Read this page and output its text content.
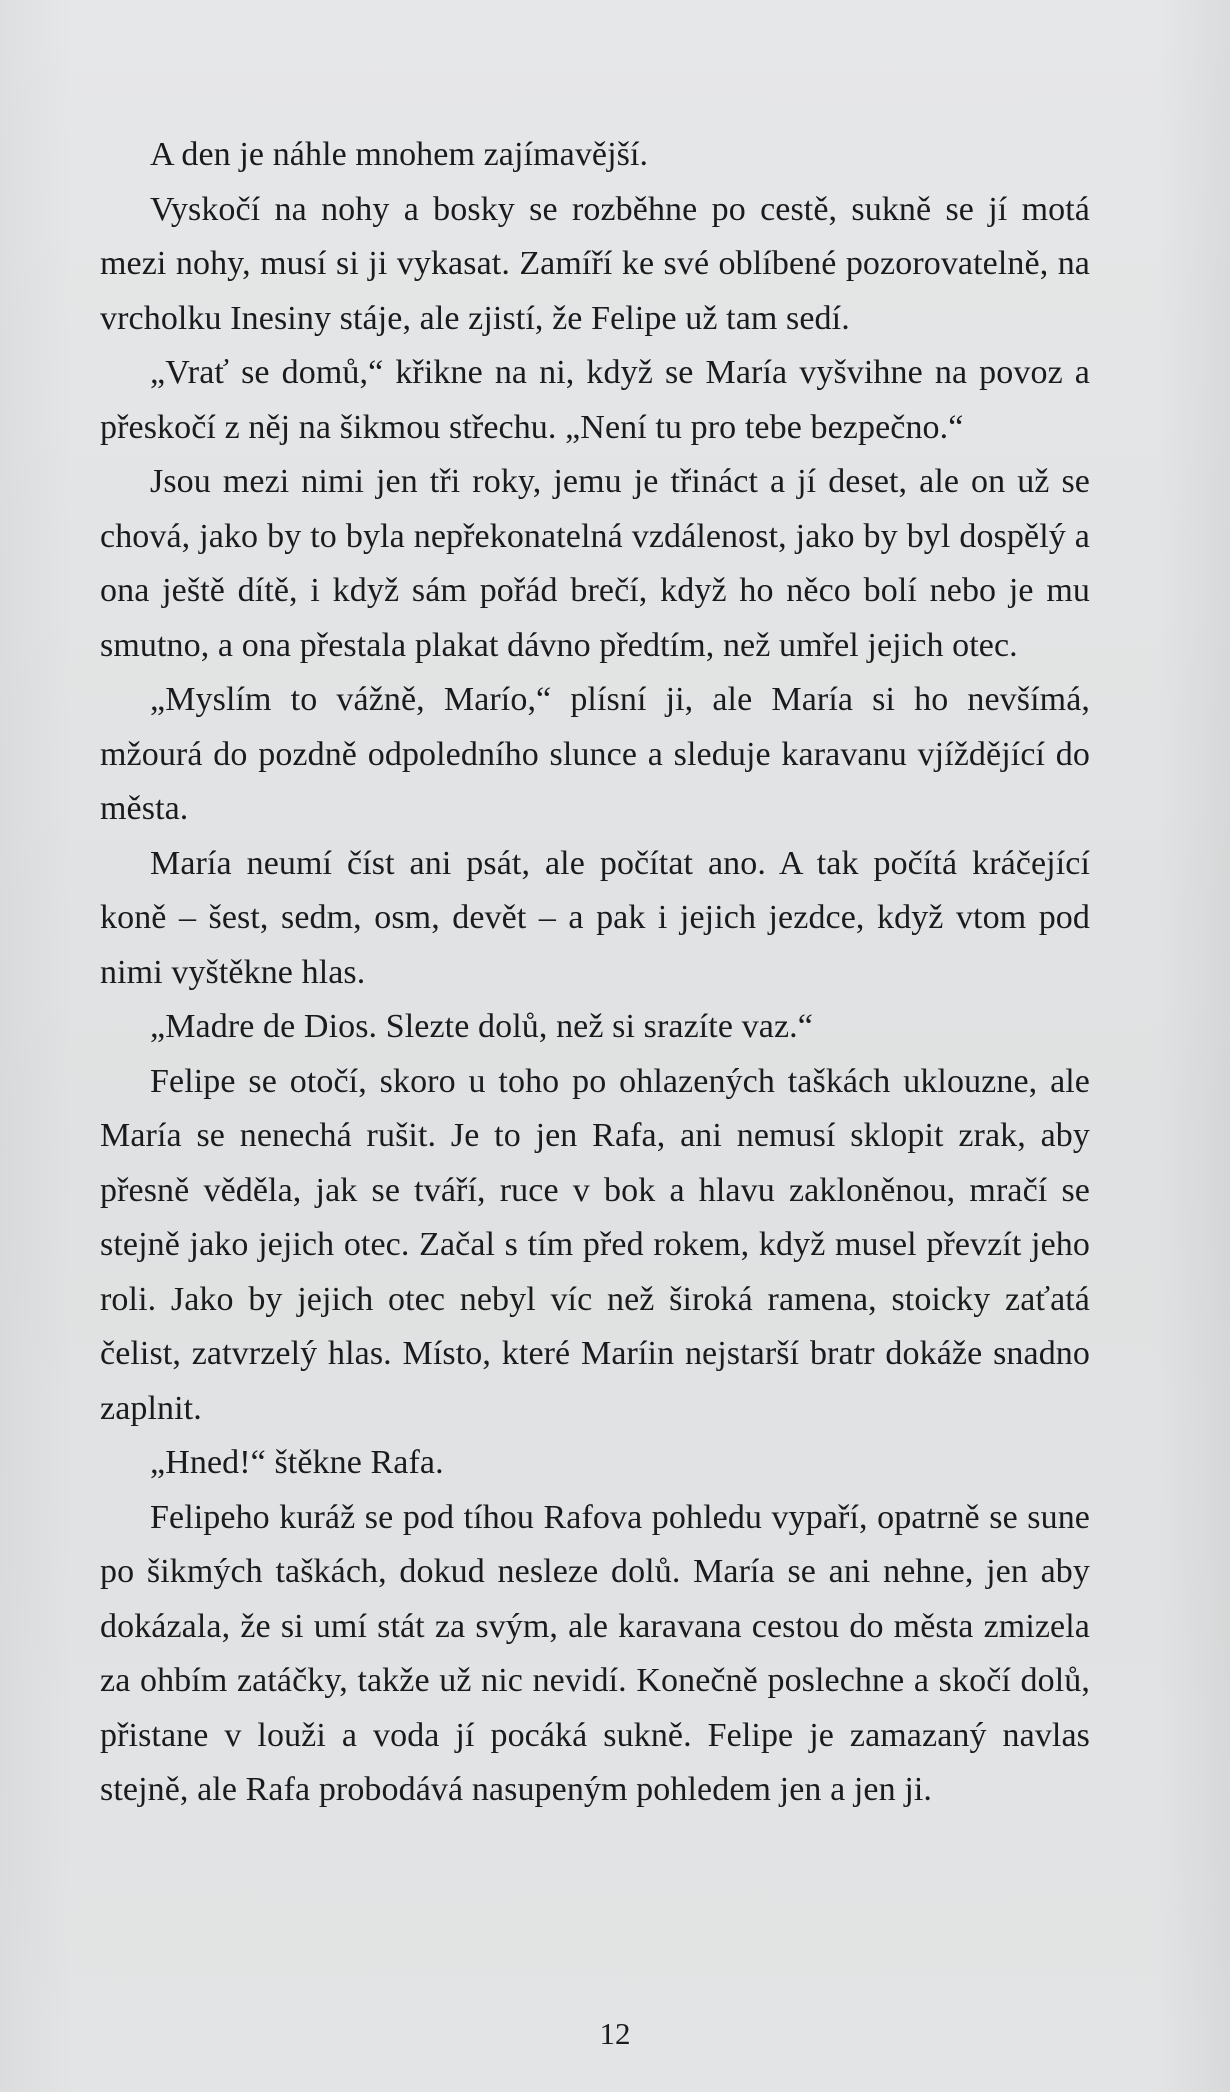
A den je náhle mnohem zajímavější.

Vyskočí na nohy a bosky se rozběhne po cestě, sukně se jí motá mezi nohy, musí si ji vykasat. Zamíří ke své oblíbené pozorovatelně, na vrcholku Inesiny stáje, ale zjistí, že Felipe už tam sedí.

„Vrať se domů,“ křikne na ni, když se María vyšvihne na povoz a přeskočí z něj na šikmou střechu. „Není tu pro tebe bezpečno.“

Jsou mezi nimi jen tři roky, jemu je třináct a jí deset, ale on už se chová, jako by to byla nepřekonatelná vzdálenost, jako by byl dospělý a ona ještě dítě, i když sám pořád brečí, když ho něco bolí nebo je mu smutno, a ona přestala plakat dávno předtím, než umřel jejich otec.

„Myslím to vážně, Marío,“ plísní ji, ale María si ho nevšímá, mžourá do pozdně odpoledního slunce a sleduje karavanu vjíždějící do města.

María neumí číst ani psát, ale počítat ano. A tak počítá kráčející koně – šest, sedm, osm, devět – a pak i jejich jezdce, když vtom pod nimi vyštěkne hlas.

„Madre de Dios. Slezte dolů, než si srazíte vaz.“

Felipe se otočí, skoro u toho po ohlazených taškách uklouzne, ale María se nenechá rušit. Je to jen Rafa, ani nemusí sklopit zrak, aby přesně věděla, jak se tváří, ruce v bok a hlavu zakloněnou, mračí se stejně jako jejich otec. Začal s tím před rokem, když musel převzít jeho roli. Jako by jejich otec nebyl víc než široká ramena, stoicky zaťatá čelist, zatvrzelý hlas. Místo, které Maríin nejstarší bratr dokáže snadno zaplnit.

„Hned!“ štěkne Rafa.

Felipeho kuráž se pod tíhou Rafova pohledu vypaří, opatrně se sune po šikmých taškách, dokud nesleze dolů. María se ani nehne, jen aby dokázala, že si umí stát za svým, ale karavana cestou do města zmizela za ohbím zatáčky, takže už nic nevidí. Konečně poslechne a skočí dolů, přistane v louži a voda jí pocáká sukně. Felipe je zamazaný navlas stejně, ale Rafa probodává nasupeným pohledem jen a jen ji.

12
